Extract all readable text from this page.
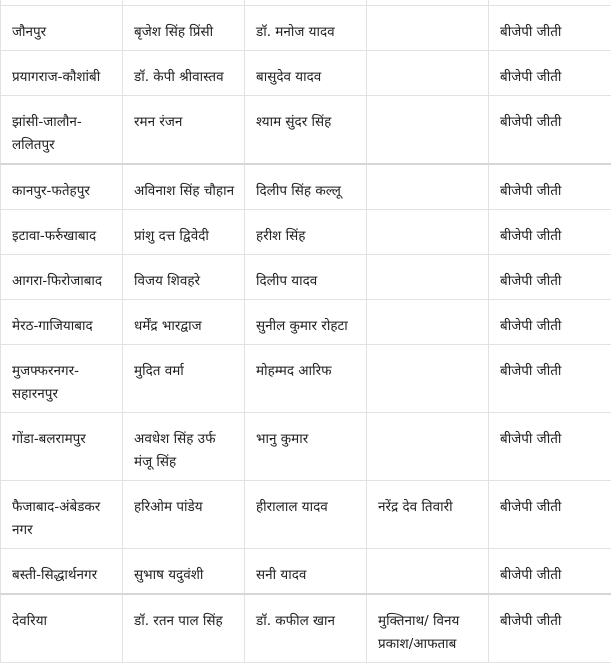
जौनपुर	बृजेश सिंह प्रिंसी	डॉ. मनोज यादव		बीजेपी जीती
प्रयागराज-कौशांबी	डॉ. केपी श्रीवास्तव	बासुदेव यादव		बीजेपी जीती
झांसी-जालौन-ललितपुर	रमन रंजन	श्याम सुंदर सिंह		बीजेपी जीती
कानपुर-फतेहपुर	अविनाश सिंह चौहान	दिलीप सिंह कल्लू		बीजेपी जीती
इटावा-फर्रुखाबाद	प्रांशु दत्त द्विवेदी	हरीश सिंह		बीजेपी जीती
आगरा-फिरोजाबाद	विजय शिवहरे	दिलीप यादव		बीजेपी जीती
मेरठ-गाजियाबाद	धर्मेंद्र भारद्वाज	सुनील कुमार रोहटा		बीजेपी जीती
मुजफ्फरनगर-सहारनपुर	मुदित वर्मा	मोहम्मद आरिफ		बीजेपी जीती
गोंडा-बलरामपुर	अवधेश सिंह उर्फ मंजू सिंह	भानु कुमार		बीजेपी जीती
फैजाबाद-अंबेडकर नगर	हरिओम पांडेय	हीरालाल यादव	नरेंद्र देव तिवारी	बीजेपी जीती
बस्ती-सिद्धार्थनगर	सुभाष यदुवंशी	सनी यादव		बीजेपी जीती
देवरिया	डॉ. रतन पाल सिंह	डॉ. कफील खान	मुक्तिनाथ/ विनय प्रकाश/आफताब	बीजेपी जीती
